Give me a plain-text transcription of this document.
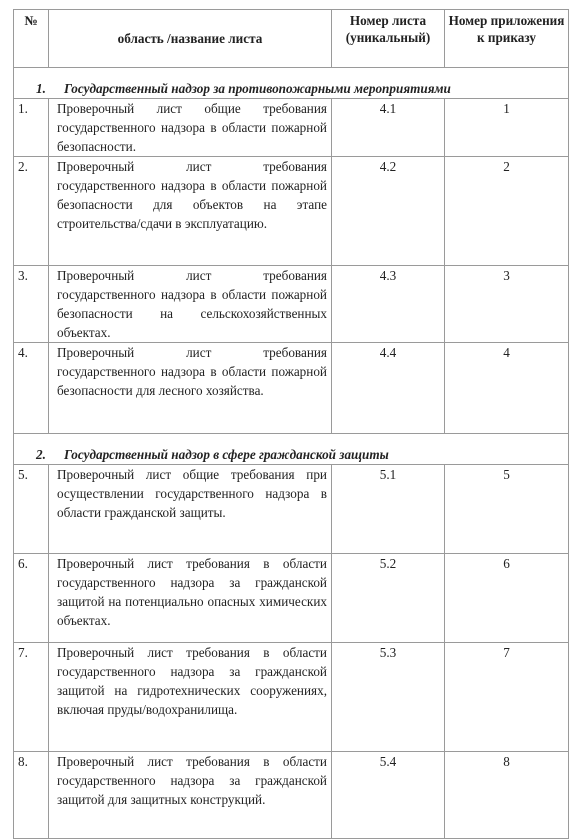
№	область /название листа	Номер листа (уникальный)	Номер приложения к приказу
1. Государственный надзор за противопожарными мероприятиями			
1.	Проверочный лист общие требования государственного надзора в области пожарной безопасности.	4.1	1
2.	Проверочный лист требования государственного надзора в области пожарной безопасности для объектов на этапе строительства/сдачи в эксплуатацию.	4.2	2
3.	Проверочный лист требования государственного надзора в области пожарной безопасности на сельскохозяйственных объектах.	4.3	3
4.	Проверочный лист требования государственного надзора в области пожарной безопасности для лесного хозяйства.	4.4	4
2. Государственный надзор в сфере гражданской защиты			
5.	Проверочный лист общие требования при осуществлении государственного надзора в области гражданской защиты.	5.1	5
6.	Проверочный лист требования в области государственного надзора за гражданской защитой на потенциально опасных химических объектах.	5.2	6
7.	Проверочный лист требования в области государственного надзора за гражданской защитой на гидротехнических сооружениях, включая пруды/водохранилища.	5.3	7
8.	Проверочный лист требования в области государственного надзора за гражданской защитой для защитных конструкций.	5.4	8
